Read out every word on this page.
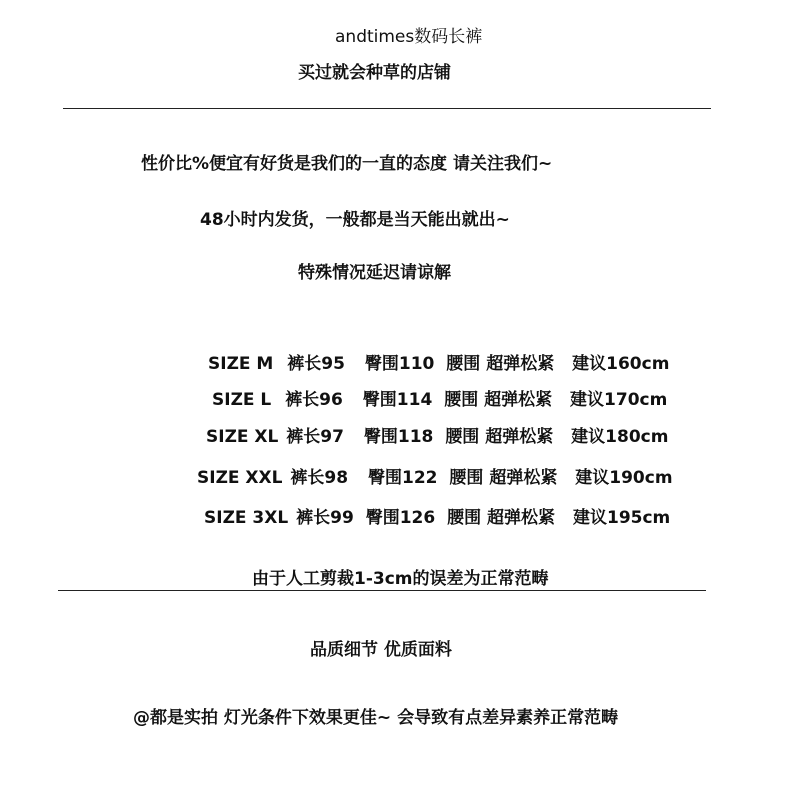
andtimes数码长裤
买过就会种草的店铺
性价比%便宜有好货是我们的一直的态度 请关注我们~
48小时内发货，一般都是当天能出就出~
特殊情况延迟请谅解
SIZE M 裤长95 臀围110 腰围 超弹松紧 建议160cm
SIZE L 裤长96 臀围114 腰围 超弹松紧 建议170cm
SIZE XL 裤长97 臀围118 腰围 超弹松紧 建议180cm
SIZE XXL 裤长98 臀围122 腰围 超弹松紧 建议190cm
SIZE 3XL 裤长99 臀围126 腰围 超弹松紧 建议195cm
由于人工剪裁1-3cm的误差为正常范畴
品质细节 优质面料
@都是实拍 灯光条件下效果更佳~ 会导致有点差异素养正常范畴
